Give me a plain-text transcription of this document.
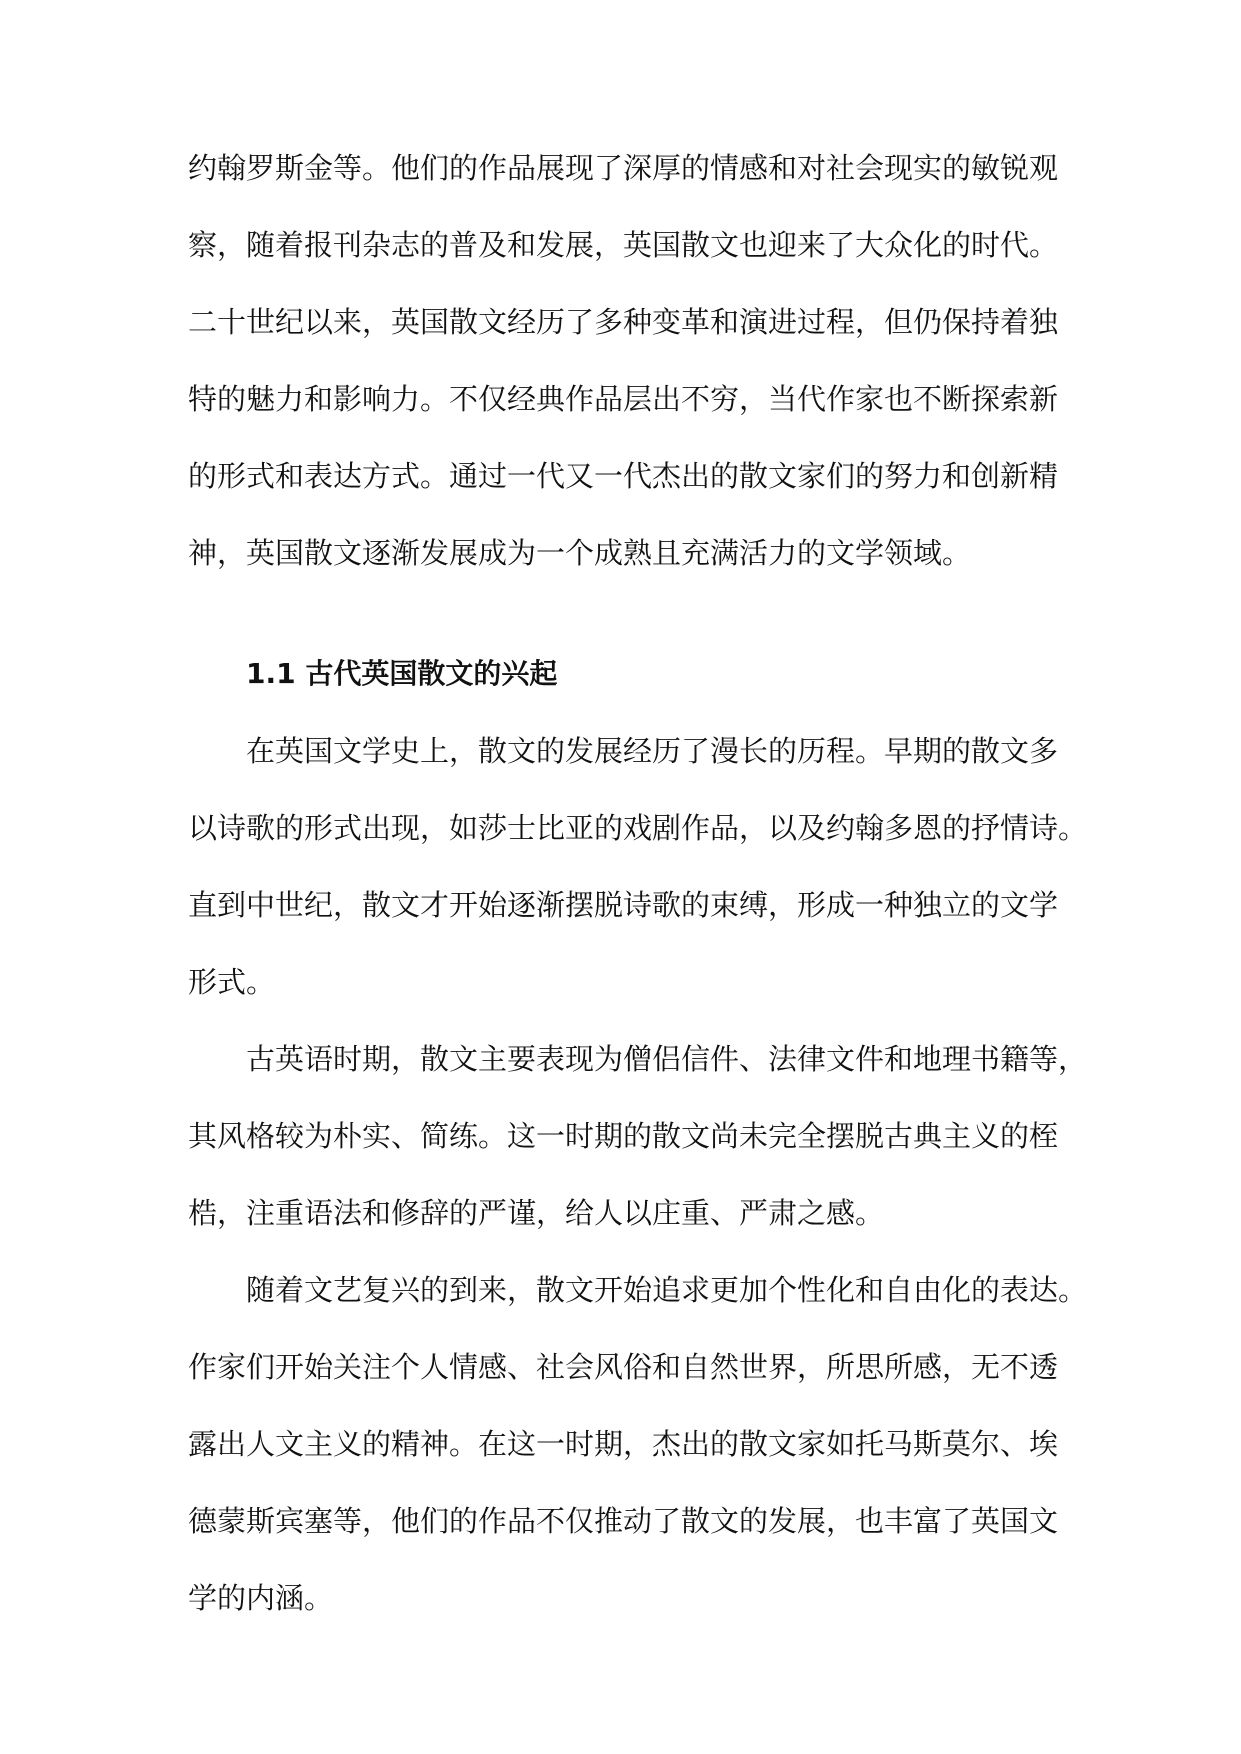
约翰罗斯金等。他们的作品展现了深厚的情感和对社会现实的敏锐观
察，随着报刊杂志的普及和发展，英国散文也迎来了大众化的时代。
二十世纪以来，英国散文经历了多种变革和演进过程，但仍保持着独
特的魅力和影响力。不仅经典作品层出不穷，当代作家也不断探索新
的形式和表达方式。通过一代又一代杰出的散文家们的努力和创新精
神，英国散文逐渐发展成为一个成熟且充满活力的文学领域。
1.1 古代英国散文的兴起
在英国文学史上，散文的发展经历了漫长的历程。早期的散文多
以诗歌的形式出现，如莎士比亚的戏剧作品，以及约翰多恩的抒情诗。
直到中世纪，散文才开始逐渐摆脱诗歌的束缚，形成一种独立的文学
形式。
古英语时期，散文主要表现为僧侣信件、法律文件和地理书籍等，
其风格较为朴实、简练。这一时期的散文尚未完全摆脱古典主义的桎
梏，注重语法和修辞的严谨，给人以庄重、严肃之感。
随着文艺复兴的到来，散文开始追求更加个性化和自由化的表达。
作家们开始关注个人情感、社会风俗和自然世界，所思所感，无不透
露出人文主义的精神。在这一时期，杰出的散文家如托马斯莫尔、埃
德蒙斯宾塞等，他们的作品不仅推动了散文的发展，也丰富了英国文
学的内涵。
